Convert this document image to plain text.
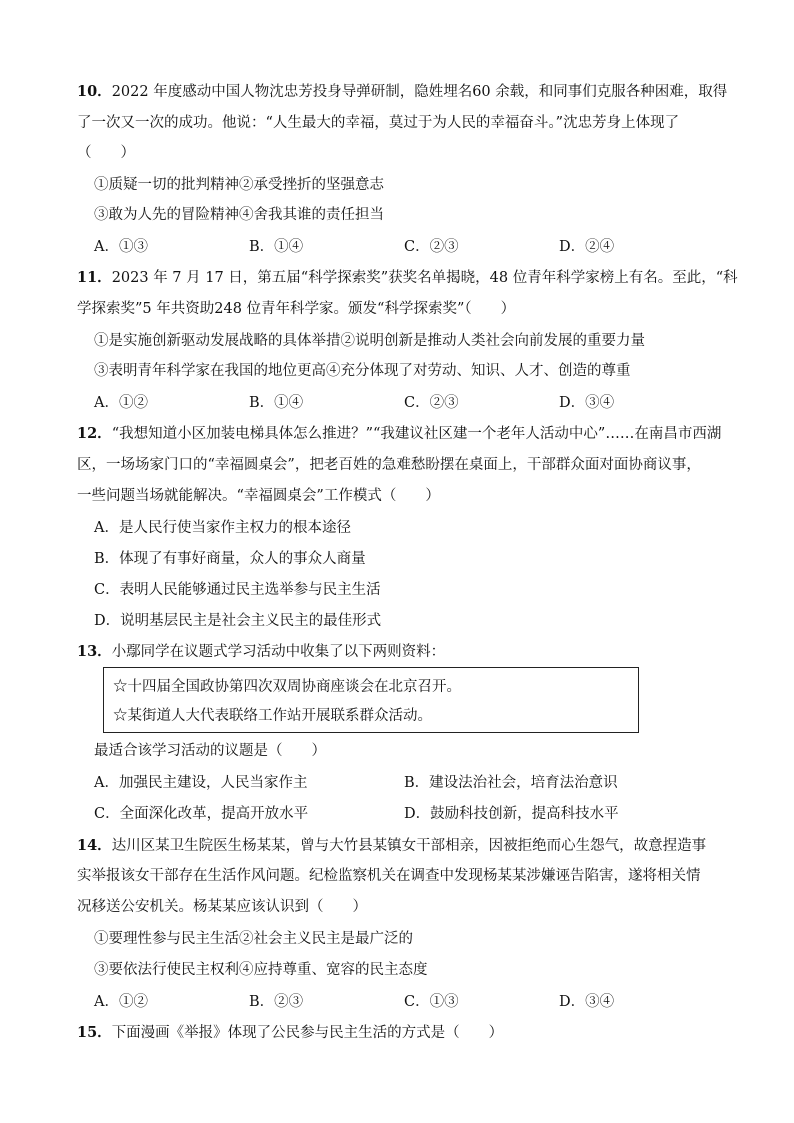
10．2022 年度感动中国人物沈忠芳投身导弹研制，隐姓埋名60 余载，和同事们克服各种困难，取得
了一次又一次的成功。他说：“人生最大的幸福，莫过于为人民的幸福奋斗。”沈忠芳身上体现了
（　　）
①质疑一切的批判精神②承受挫折的坚强意志
③敢为人先的冒险精神④舍我其谁的责任担当
A．①③	B．①④	C．②③	D．②④
11．2023 年 7 月 17 日，第五届“科学探索奖”获奖名单揭晓，48 位青年科学家榜上有名。至此，“科
学探索奖”5 年共资助248 位青年科学家。颁发“科学探索奖”（　　）
①是实施创新驱动发展战略的具体举措②说明创新是推动人类社会向前发展的重要力量
③表明青年科学家在我国的地位更高④充分体现了对劳动、知识、人才、创造的尊重
A．①②	B．①④	C．②③	D．③④
12．“我想知道小区加装电梯具体怎么推进？”“我建议社区建一个老年人活动中心”……在南昌市西湖
区，一场场家门口的“幸福圆桌会”，把老百姓的急难愁盼摆在桌面上，干部群众面对面协商议事，
一些问题当场就能解决。“幸福圆桌会”工作模式（　　）
A．是人民行使当家作主权力的根本途径
B．体现了有事好商量，众人的事众人商量
C．表明人民能够通过民主选举参与民主生活
D．说明基层民主是社会主义民主的最佳形式
13．小鄢同学在议题式学习活动中收集了以下两则资料：
☆十四届全国政协第四次双周协商座谈会在北京召开。
☆某街道人大代表联络工作站开展联系群众活动。
最适合该学习活动的议题是（　　）
A．加强民主建设，人民当家作主	B．建设法治社会，培育法治意识
C．全面深化改革，提高开放水平	D．鼓励科技创新，提高科技水平
14．达川区某卫生院医生杨某某，曾与大竹县某镇女干部相亲，因被拒绝而心生怨气，故意捏造事
实举报该女干部存在生活作风问题。纪检监察机关在调查中发现杨某某涉嫌诬告陷害，遂将相关情
况移送公安机关。杨某某应该认识到（　　）
①要理性参与民主生活②社会主义民主是最广泛的
③要依法行使民主权利④应持尊重、宽容的民主态度
A．①②	B．②③	C．①③	D．③④
15．下面漫画《举报》体现了公民参与民主生活的方式是（　　）
